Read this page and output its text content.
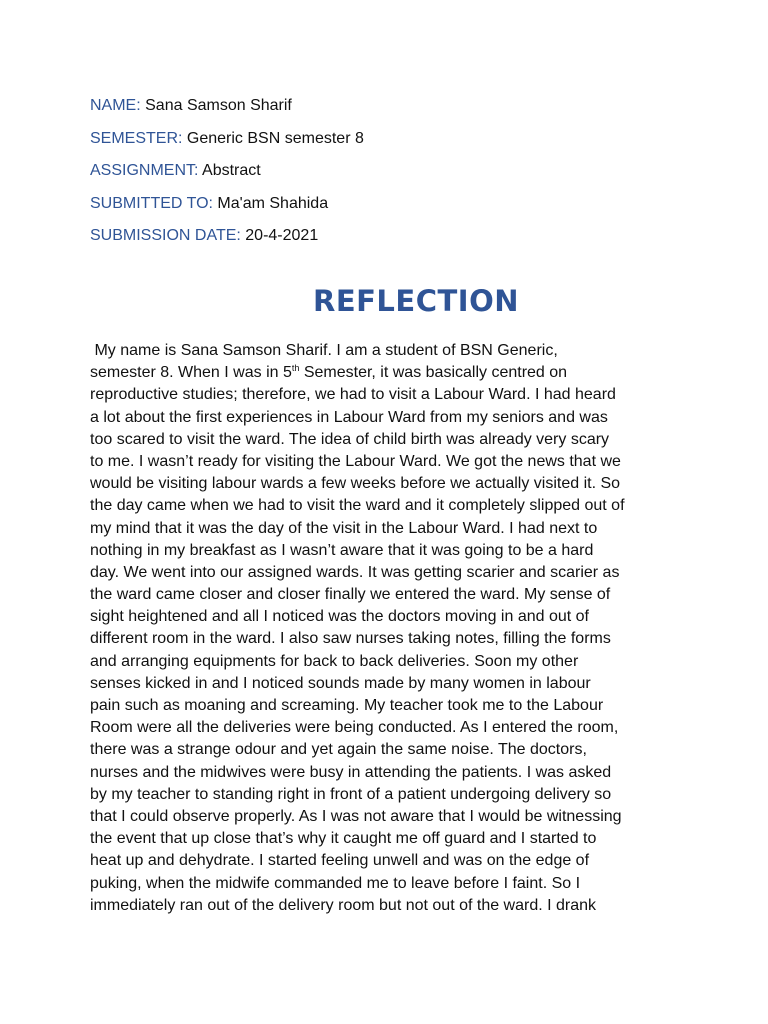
NAME: Sana Samson Sharif
SEMESTER: Generic BSN semester 8
ASSIGNMENT: Abstract
SUBMITTED TO: Ma'am Shahida
SUBMISSION DATE: 20-4-2021
REFLECTION
My name is Sana Samson Sharif. I am a student of BSN Generic,
semester 8. When I was in 5th Semester, it was basically centred on
reproductive studies; therefore, we had to visit a Labour Ward. I had heard
a lot about the first experiences in Labour Ward from my seniors and was
too scared to visit the ward. The idea of child birth was already very scary
to me. I wasn’t ready for visiting the Labour Ward. We got the news that we
would be visiting labour wards a few weeks before we actually visited it. So
the day came when we had to visit the ward and it completely slipped out of
my mind that it was the day of the visit in the Labour Ward. I had next to
nothing in my breakfast as I wasn’t aware that it was going to be a hard
day. We went into our assigned wards. It was getting scarier and scarier as
the ward came closer and closer finally we entered the ward. My sense of
sight heightened and all I noticed was the doctors moving in and out of
different room in the ward. I also saw nurses taking notes, filling the forms
and arranging equipments for back to back deliveries. Soon my other
senses kicked in and I noticed sounds made by many women in labour
pain such as moaning and screaming. My teacher took me to the Labour
Room were all the deliveries were being conducted. As I entered the room,
there was a strange odour and yet again the same noise. The doctors,
nurses and the midwives were busy in attending the patients. I was asked
by my teacher to standing right in front of a patient undergoing delivery so
that I could observe properly. As I was not aware that I would be witnessing
the event that up close that’s why it caught me off guard and I started to
heat up and dehydrate. I started feeling unwell and was on the edge of
puking, when the midwife commanded me to leave before I faint. So I
immediately ran out of the delivery room but not out of the ward. I drank
